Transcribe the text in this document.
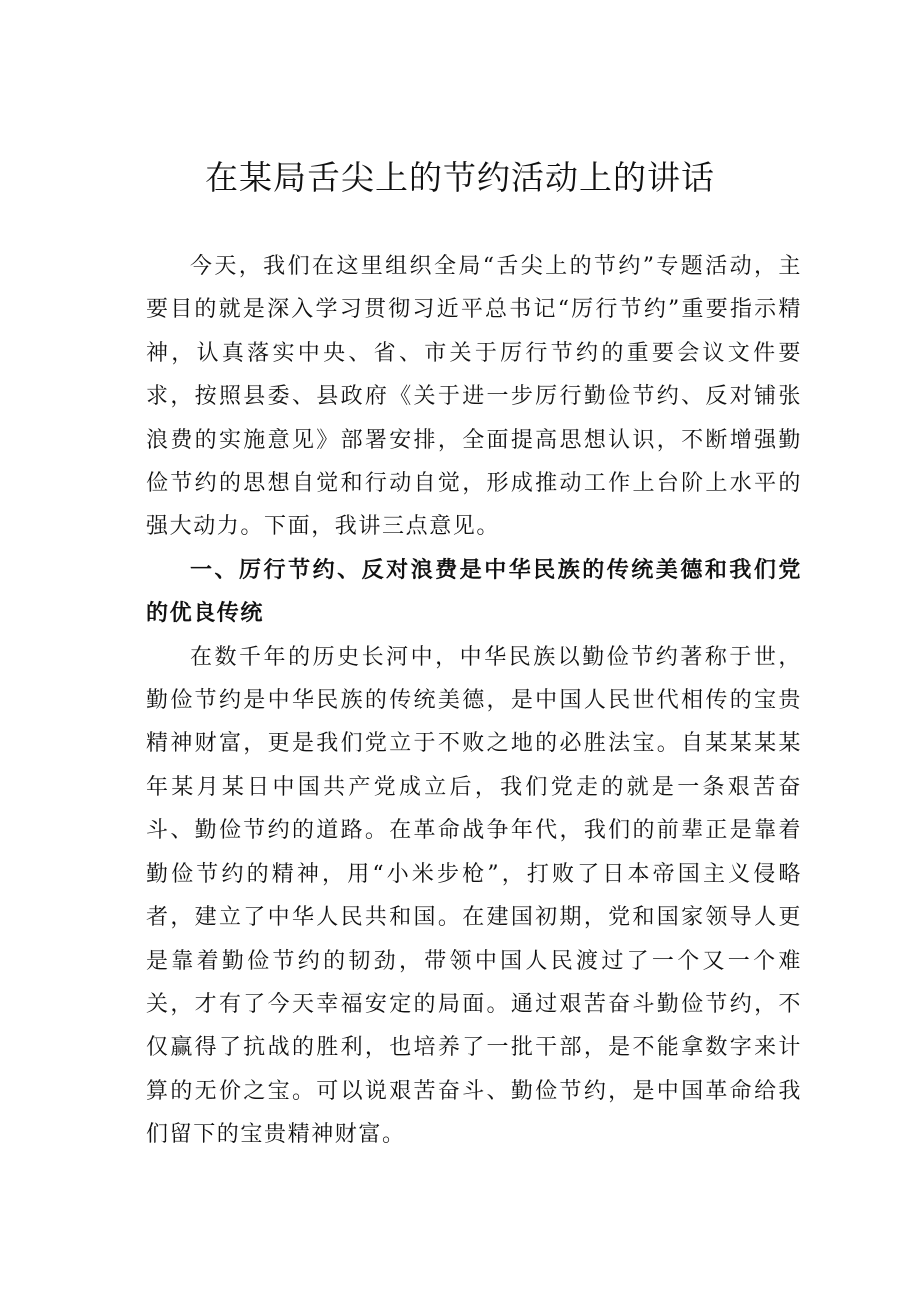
在某局舌尖上的节约活动上的讲话

今天，我们在这里组织全局“舌尖上的节约”专题活动，主要目的就是深入学习贯彻习近平总书记“厉行节约”重要指示精神，认真落实中央、省、市关于厉行节约的重要会议文件要求，按照县委、县政府《关于进一步厉行勤俭节约、反对铺张浪费的实施意见》部署安排，全面提高思想认识，不断增强勤俭节约的思想自觉和行动自觉，形成推动工作上台阶上水平的强大动力。下面，我讲三点意见。

一、厉行节约、反对浪费是中华民族的传统美德和我们党的优良传统

在数千年的历史长河中，中华民族以勤俭节约著称于世，勤俭节约是中华民族的传统美德，是中国人民世代相传的宝贵精神财富，更是我们党立于不败之地的必胜法宝。自某某某某年某月某日中国共产党成立后，我们党走的就是一条艰苦奋斗、勤俭节约的道路。在革命战争年代，我们的前辈正是靠着勤俭节约的精神，用“小米步枪”，打败了日本帝国主义侵略者，建立了中华人民共和国。在建国初期，党和国家领导人更是靠着勤俭节约的韧劲，带领中国人民渡过了一个又一个难关，才有了今天幸福安定的局面。通过艰苦奋斗勤俭节约，不仅赢得了抗战的胜利，也培养了一批干部，是不能拿数字来计算的无价之宝。可以说艰苦奋斗、勤俭节约，是中国革命给我们留下的宝贵精神财富。
